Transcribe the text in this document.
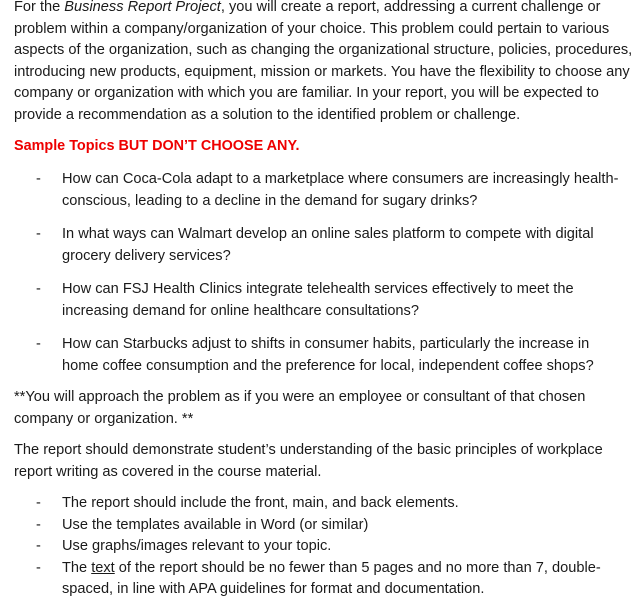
For the Business Report Project, you will create a report, addressing a current challenge or problem within a company/organization of your choice. This problem could pertain to various aspects of the organization, such as changing the organizational structure, policies, procedures, introducing new products, equipment, mission or markets. You have the flexibility to choose any company or organization with which you are familiar. In your report, you will be expected to provide a recommendation as a solution to the identified problem or challenge.

Sample Topics BUT DON’T CHOOSE ANY.

- How can Coca-Cola adapt to a marketplace where consumers are increasingly health-conscious, leading to a decline in the demand for sugary drinks?
- In what ways can Walmart develop an online sales platform to compete with digital grocery delivery services?
- How can FSJ Health Clinics integrate telehealth services effectively to meet the increasing demand for online healthcare consultations?
- How can Starbucks adjust to shifts in consumer habits, particularly the increase in home coffee consumption and the preference for local, independent coffee shops?

**You will approach the problem as if you were an employee or consultant of that chosen company or organization. **

The report should demonstrate student’s understanding of the basic principles of workplace report writing as covered in the course material.

- The report should include the front, main, and back elements.
- Use the templates available in Word (or similar)
- Use graphs/images relevant to your topic.
- The text of the report should be no fewer than 5 pages and no more than 7, double-spaced, in line with APA guidelines for format and documentation.
